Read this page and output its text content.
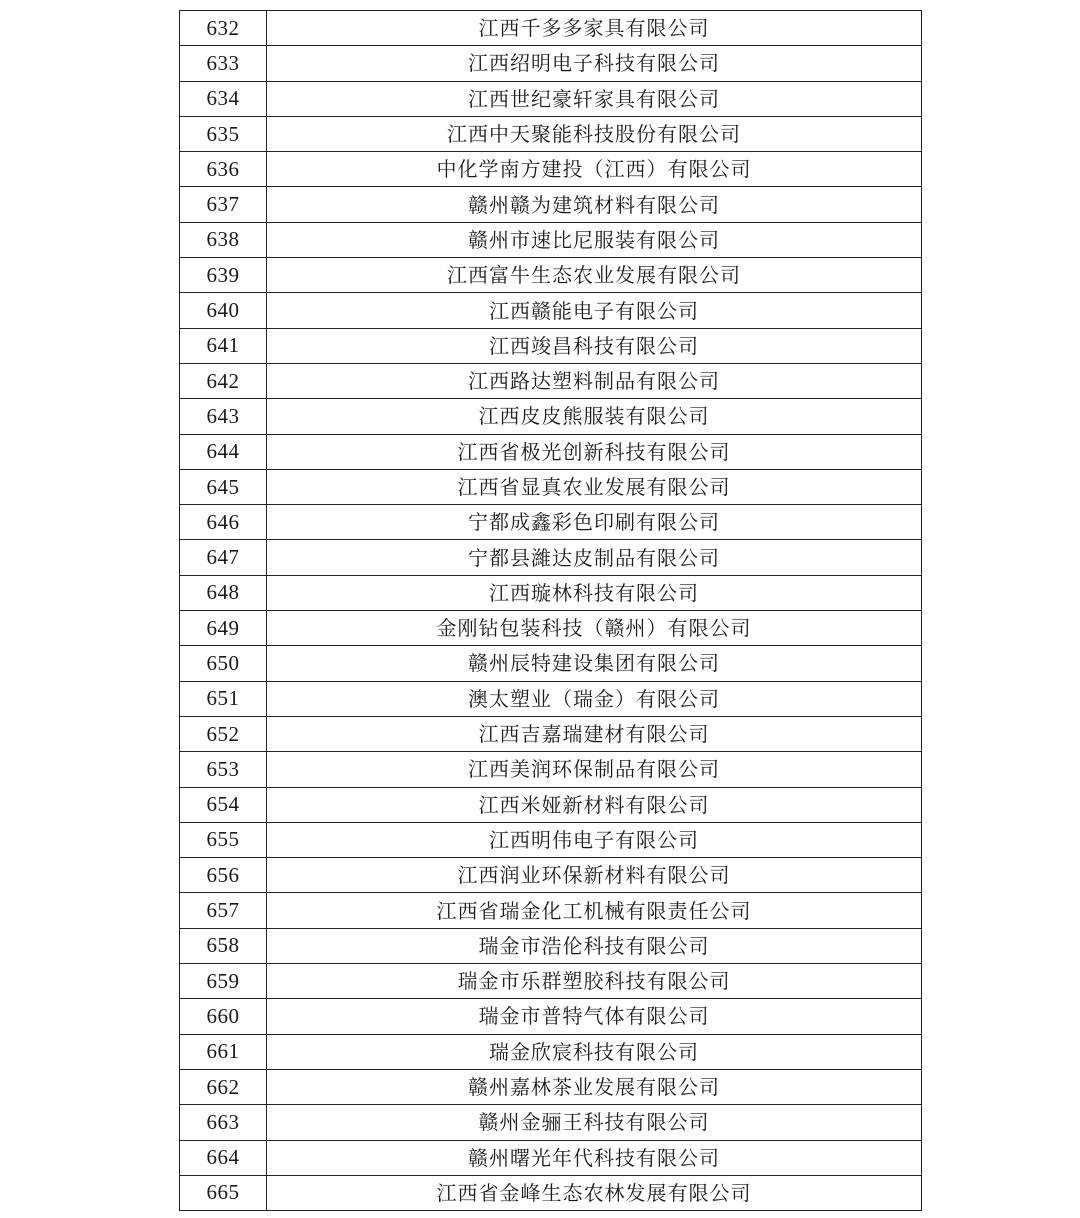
632	江西千多多家具有限公司
633	江西绍明电子科技有限公司
634	江西世纪豪轩家具有限公司
635	江西中天聚能科技股份有限公司
636	中化学南方建投（江西）有限公司
637	赣州赣为建筑材料有限公司
638	赣州市速比尼服装有限公司
639	江西富牛生态农业发展有限公司
640	江西赣能电子有限公司
641	江西竣昌科技有限公司
642	江西路达塑料制品有限公司
643	江西皮皮熊服装有限公司
644	江西省极光创新科技有限公司
645	江西省显真农业发展有限公司
646	宁都成鑫彩色印刷有限公司
647	宁都县濰达皮制品有限公司
648	江西璇林科技有限公司
649	金刚钻包装科技（赣州）有限公司
650	赣州辰特建设集团有限公司
651	澳太塑业（瑞金）有限公司
652	江西吉嘉瑞建材有限公司
653	江西美润环保制品有限公司
654	江西米娅新材料有限公司
655	江西明伟电子有限公司
656	江西润业环保新材料有限公司
657	江西省瑞金化工机械有限责任公司
658	瑞金市浩伦科技有限公司
659	瑞金市乐群塑胶科技有限公司
660	瑞金市普特气体有限公司
661	瑞金欣宸科技有限公司
662	赣州嘉林茶业发展有限公司
663	赣州金骊王科技有限公司
664	赣州曙光年代科技有限公司
665	江西省金峰生态农林发展有限公司
